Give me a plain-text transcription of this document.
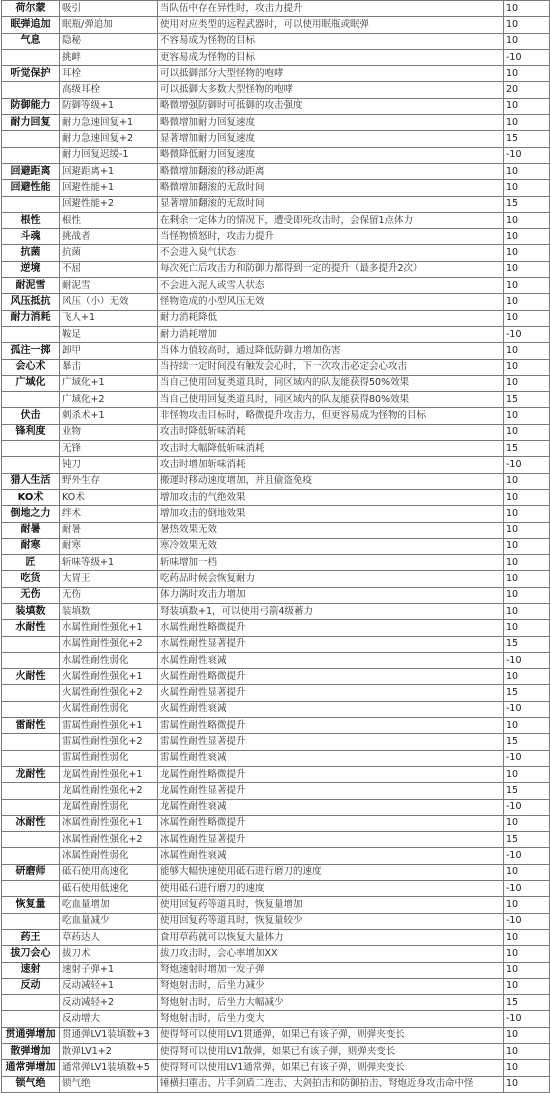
荷尔蒙	吸引	当队伍中存在异性时，攻击力提升	10
眠弹追加	眠瓶/弹追加	使用对应类型的远程武器时，可以使用眠瓶或眠弹	10
气息	隐秘	不容易成为怪物的目标	10
	挑衅	更容易成为怪物的目标	-10
听觉保护	耳栓	可以抵御部分大型怪物的咆哮	10
	高级耳栓	可以抵御大多数大型怪物的咆哮	20
防御能力	防御等级+1	略微增强防御时可抵御的攻击强度	10
耐力回复	耐力急速回复+1	略微增加耐力回复速度	10
	耐力急速回复+2	显著增加耐力回复速度	15
	耐力回复迟缓-1	略微降低耐力回复速度	-10
回避距离	回避距离+1	略微增加翻滚的移动距离	10
回避性能	回避性能+1	略微增加翻滚的无敌时间	10
	回避性能+2	显著增加翻滚的无敌时间	15
根性	根性	在剩余一定体力的情况下，遭受即死攻击时，会保留1点体力	10
斗魂	挑战者	当怪物愤怒时，攻击力提升	10
抗菌	抗菌	不会进入臭气状态	10
逆境	不屈	每次死亡后攻击力和防御力都得到一定的提升（最多提升2次）	10
耐泥雪	耐泥雪	不会进入泥人或雪人状态	10
风压抵抗	风压（小）无效	怪物造成的小型风压无效	10
耐力消耗	飞人+1	耐力消耗降低	10
	鞍足	耐力消耗增加	-10
孤注一掷	卸甲	当体力值较高时，通过降低防御力增加伤害	10
会心术	暴击	当持续一定时间没有触发会心时，下一次攻击必定会心攻击	10
广域化	广域化+1	当自己使用回复类道具时，同区域内的队友能获得50%效果	10
	广域化+2	当自己使用回复类道具时，同区域内的队友能获得80%效果	15
伏击	刺杀术+1	非怪物攻击目标时，略微提升攻击力，但更容易成为怪物的目标	10
锋利度	业物	攻击时降低斩味消耗	10
	无锋	攻击时大幅降低斩味消耗	15
	钝刀	攻击时增加斩味消耗	-10
猎人生活	野外生存	搬運时移动速度增加，并且偷盗免疫	10
KO术	KO术	增加攻击的气绝效果	10
倒地之力	绊术	增加攻击的倒地效果	10
耐暑	耐暑	暑热效果无效	10
耐寒	耐寒	寒冷效果无效	10
匠	斩味等级+1	斩味增加一档	10
吃货	大胃王	吃药品时候会恢复耐力	10
无伤	无伤	体力满时攻击力增加	10
装填数	装填数	弩装填数+1，可以使用弓箭4级蓄力	10
水耐性	水属性耐性强化+1	水属性耐性略微提升	10
	水属性耐性强化+2	水属性耐性显著提升	15
	水属性耐性弱化	水属性耐性衰减	-10
火耐性	火属性耐性强化+1	火属性耐性略微提升	10
	火属性耐性强化+2	火属性耐性显著提升	15
	火属性耐性弱化	火属性耐性衰减	-10
雷耐性	雷属性耐性强化+1	雷属性耐性略微提升	10
	雷属性耐性强化+2	雷属性耐性显著提升	15
	雷属性耐性弱化	雷属性耐性衰减	-10
龙耐性	龙属性耐性强化+1	龙属性耐性略微提升	10
	龙属性耐性强化+2	龙属性耐性显著提升	15
	龙属性耐性弱化	龙属性耐性衰减	-10
冰耐性	冰属性耐性强化+1	冰属性耐性略微提升	10
	冰属性耐性强化+2	冰属性耐性显著提升	15
	冰属性耐性弱化	冰属性耐性衰减	-10
研磨师	砥石使用高速化	能够大幅快速使用砥石进行磨刀的速度	10
	砥石使用低速化	使用砥石进行磨刀的速度	-10
恢复量	吃血量增加	使用回复药等道具时，恢复量增加	10
	吃血量减少	使用回复药等道具时，恢复量较少	-10
药王	草药达人	食用草药就可以恢复大量体力	10
拔刀会心	拔刀术	拔刀攻击时，会心率增加XX	10
速射	速射子弹+1	弩炮速射时增加一发子弹	10
反动	反动减轻+1	弩炮射击时，后坐力减少	10
	反动减轻+2	弩炮射击时，后坐力大幅减少	15
	反动增大	弩炮射击时，后坐力变大	-10
贯通弹增加	贯通弹LV1装填数+3	使得弩可以使用LV1贯通弹，如果已有该子弹，则弹夹变长	10
散弹增加	散弹LV1+2	使得弩可以使用LV1散弹，如果已有该子弹，则弹夹变长	10
通常弹增加	通常弹LV1装填数+5	使得弩可以使用LV1通常弹，如果已有该子弹，则弹夹变长	10
锁气绝	锁气绝	锤横扫重击、片手剑盾二连击、大剑拍击和防御拍击、弩炮近身攻击命中怪	10
